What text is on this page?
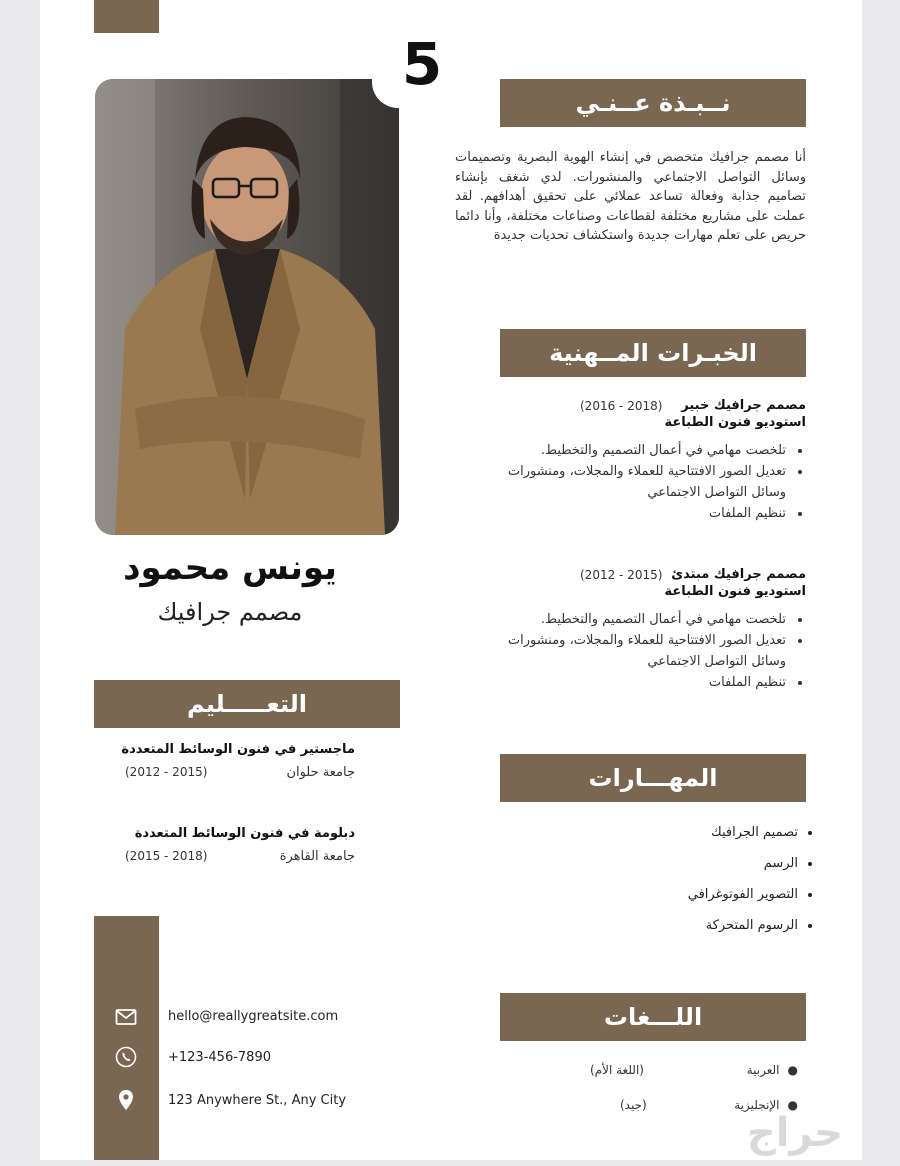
5
يونس محمود
مصمم جرافيك
نــبـذة عــنـي
أنا مصمم جرافيك متخصص في إنشاء الهوية البصرية وتصميمات وسائل التواصل الاجتماعي والمنشورات. لدي شغف بإنشاء تصاميم جذابة وفعالة تساعد عملائي على تحقيق أهدافهم. لقد عملت على مشاريع مختلفة لقطاعات وصناعات مختلفة، وأنا دائما حريص على تعلم مهارات جديدة واستكشاف تحديات جديدة
الخبـرات المــهنية
مصمم جرافيك خبير
(2016 - 2018)
استوديو فنون الطباعة
• تلخصت مهامي في أعمال التصميم والتخطيط.
• تعديل الصور الافتتاحية للعملاء والمجلات، ومنشورات وسائل التواصل الاجتماعي
• تنظيم الملفات
مصمم جرافيك مبتدئ
(2012 - 2015)
استوديو فنون الطباعة
• تلخصت مهامي في أعمال التصميم والتخطيط.
• تعديل الصور الافتتاحية للعملاء والمجلات، ومنشورات وسائل التواصل الاجتماعي
• تنظيم الملفات
التعـــــليم
ماجستير في فنون الوسائط المتعددة
جامعة حلوان
(2012 - 2015)
دبلومة في فنون الوسائط المتعددة
جامعة القاهرة
(2015 - 2018)
المهـــارات
• تصميم الجرافيك
• الرسم
• التصوير الفوتوغرافي
• الرسوم المتحركة
اللـــغات
●العربية
(اللغة الأم)
●الإنجليزية
(جيد)
hello@reallygreatsite.com
+123-456-7890
123 Anywhere St., Any City
حراج
